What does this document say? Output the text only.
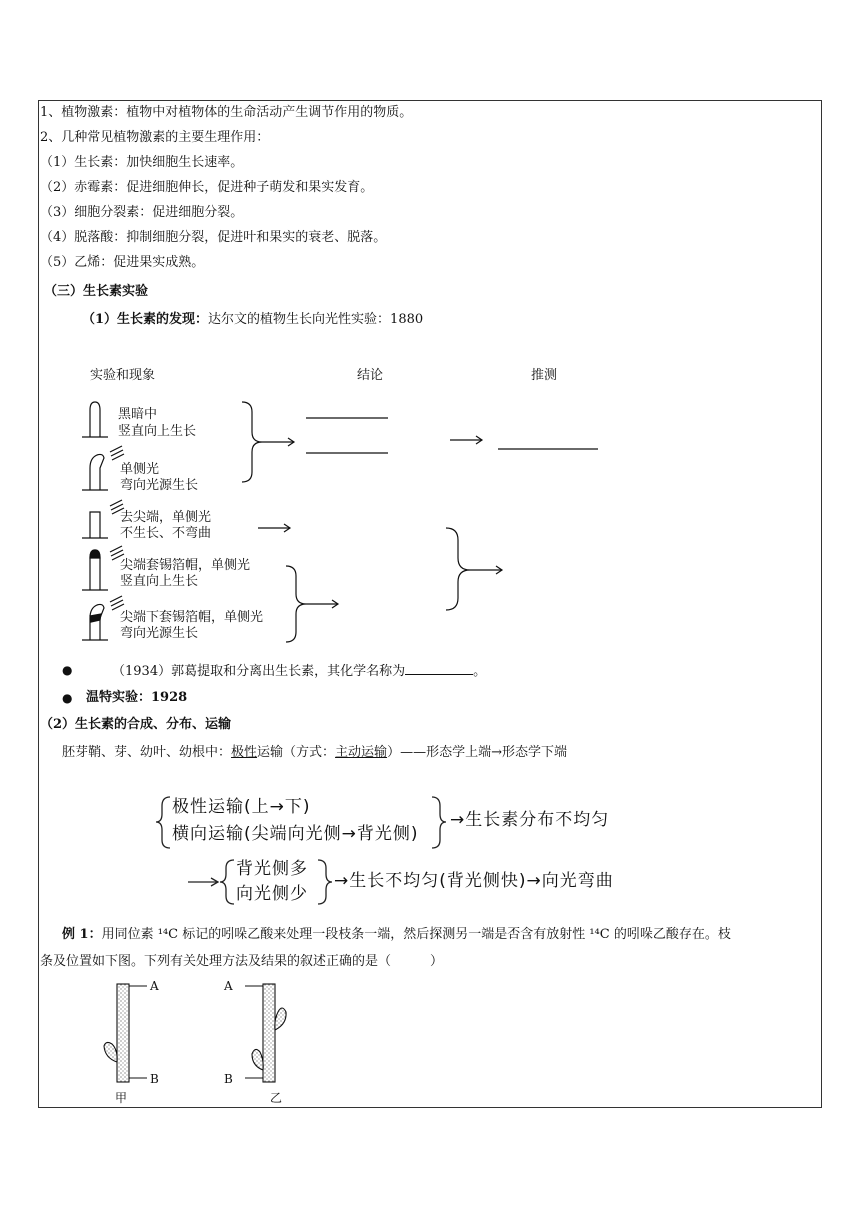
1、植物激素：植物中对植物体的生命活动产生调节作用的物质。
2、几种常见植物激素的主要生理作用：
（1）生长素：加快细胞生长速率。
（2）赤霉素：促进细胞伸长，促进种子萌发和果实发育。
（3）细胞分裂素：促进细胞分裂。
（4）脱落酸：抑制细胞分裂，促进叶和果实的衰老、脱落。
（5）乙烯：促进果实成熟。
（三）生长素实验
（1）生长素的发现：达尔文的植物生长向光性实验：1880
实验和现象	结论	推测
黑暗中
竖直向上生长
单侧光
弯向光源生长
去尖端，单侧光
不生长、不弯曲
尖端套锡箔帽，单侧光
竖直向上生长
尖端下套锡箔帽，单侧光
弯向光源生长
●	（1934）郭葛提取和分离出生长素，其化学名称为	。
● 温特实验：1928
（2）生长素的合成、分布、运输
胚芽鞘、芽、幼叶、幼根中：极性运输（方式：主动运输）——形态学上端→形态学下端
极性运输(上→下)
横向运输(尖端向光侧→背光侧)
→生长素分布不均匀
背光侧多
向光侧少
→生长不均匀(背光侧快)→向光弯曲
例 1：用同位素 ¹⁴C 标记的吲哚乙酸来处理一段枝条一端，然后探测另一端是否含有放射性 ¹⁴C 的吲哚乙酸存在。枝
条及位置如下图。下列有关处理方法及结果的叙述正确的是（　　　）
A
B
甲
A
B
乙
